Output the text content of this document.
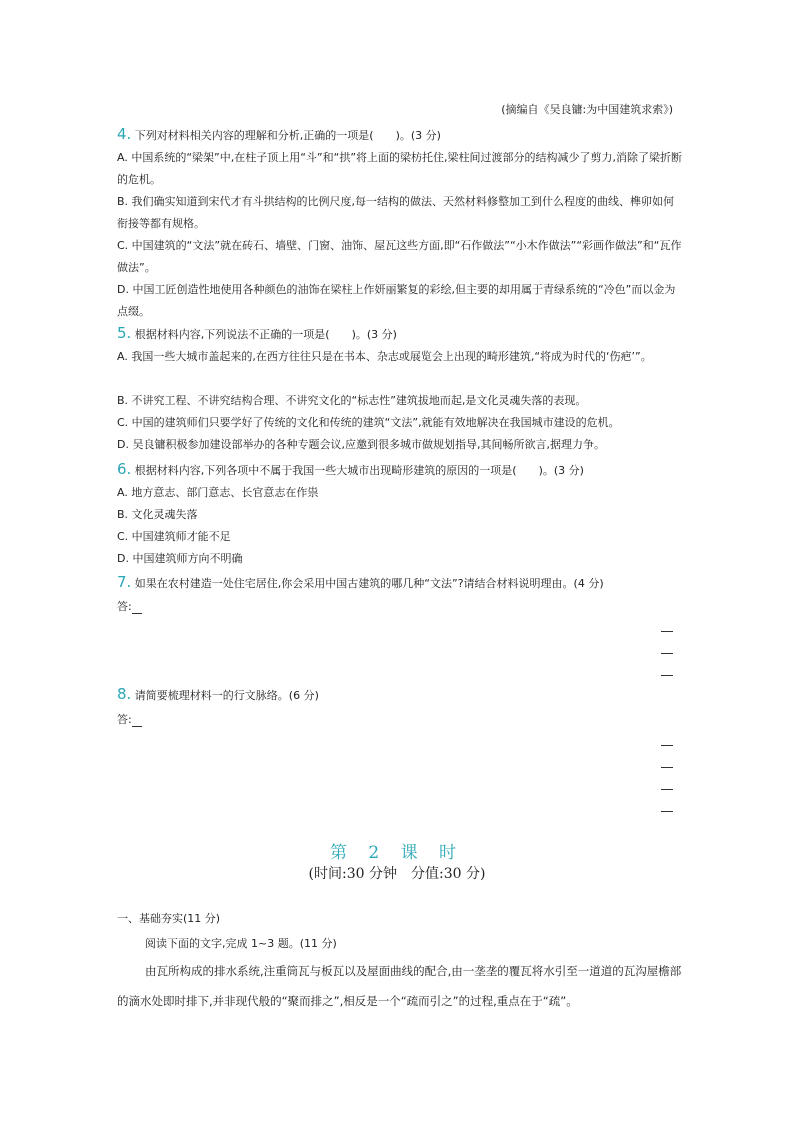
(摘编自《吴良镛:为中国建筑求索》)
4. 下列对材料相关内容的理解和分析,正确的一项是(　　)。(3 分)
A. 中国系统的“梁架”中,在柱子顶上用“斗”和“拱”将上面的梁枋托住,梁柱间过渡部分的结构减少了剪力,消除了梁折断的危机。
B. 我们确实知道到宋代才有斗拱结构的比例尺度,每一结构的做法、天然材料修整加工到什么程度的曲线、榫卯如何衔接等都有规格。
C. 中国建筑的“文法”就在砖石、墙壁、门窗、油饰、屋瓦这些方面,即“石作做法”“小木作做法”“彩画作做法”和“瓦作做法”。
D. 中国工匠创造性地使用各种颜色的油饰在梁柱上作妍丽繁复的彩绘,但主要的却用属于青绿系统的“冷色”而以金为点缀。
5. 根据材料内容,下列说法不正确的一项是(　　)。(3 分)
A. 我国一些大城市盖起来的,在西方往往只是在书本、杂志或展览会上出现的畸形建筑,“将成为时代的‘伤疤’”。
B. 不讲究工程、不讲究结构合理、不讲究文化的“标志性”建筑拔地而起,是文化灵魂失落的表现。
C. 中国的建筑师们只要学好了传统的文化和传统的建筑“文法”,就能有效地解决在我国城市建设的危机。
D. 吴良镛积极参加建设部举办的各种专题会议,应邀到很多城市做规划指导,其间畅所欲言,据理力争。
6. 根据材料内容,下列各项中不属于我国一些大城市出现畸形建筑的原因的一项是(　　)。(3 分)
A. 地方意志、部门意志、长官意志在作祟
B. 文化灵魂失落
C. 中国建筑师才能不足
D. 中国建筑师方向不明确
7. 如果在农村建造一处住宅居住,你会采用中国古建筑的哪几种“文法”?请结合材料说明理由。(4 分)
答:
8. 请简要梳理材料一的行文脉络。(6 分)
答:
第 2 课 时
(时间:30 分钟　分值:30 分)
一、基础夯实(11 分)
阅读下面的文字,完成 1~3 题。(11 分)
由瓦所构成的排水系统,注重筒瓦与板瓦以及屋面曲线的配合,由一垄垄的覆瓦将水引至一道道的瓦沟屋檐部的滴水处即时排下,并非现代般的“聚而排之”,相反是一个“疏而引之”的过程,重点在于“疏”。
